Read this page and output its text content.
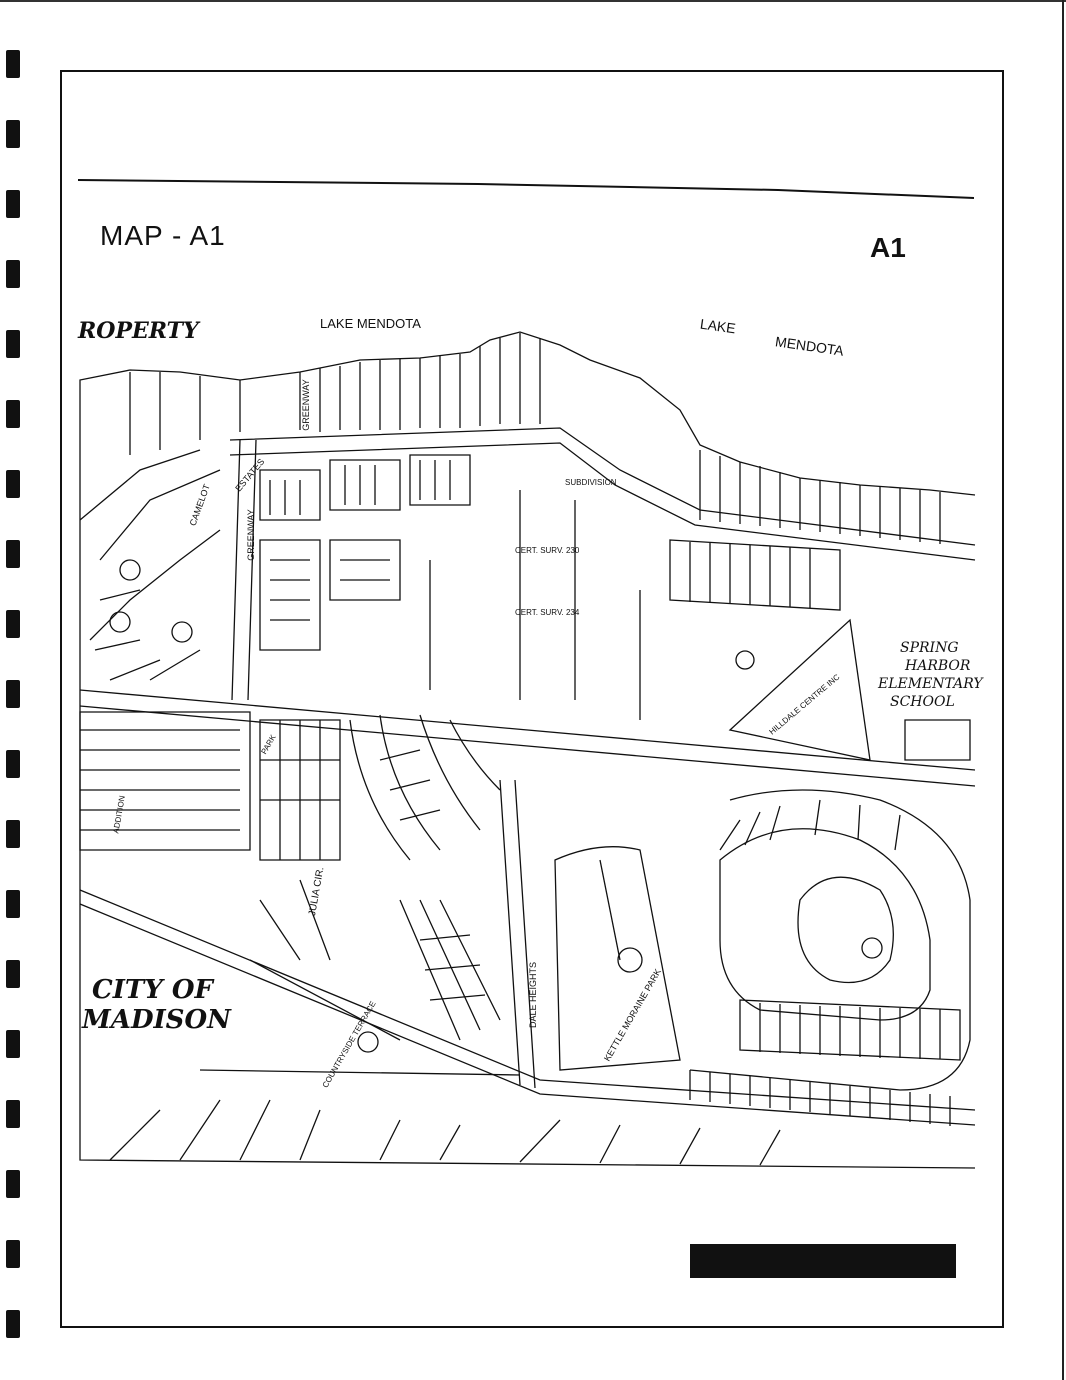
MAP - A1	A1
LAKE MENDOTA	LAKE
MENDOTA
ROPERTY
SPRING
HARBOR
ELEMENTARY
SCHOOL
CITY OF
MADISON
GREENWAY
GREENWAY
CAMELOT
ESTATES
JULIA CIR.
DALE HEIGHTS	KETTLE MORAINE PARK
CERT. SURV. 230
CERT. SURV. 234
SUBDIVISION
COUNTRYSIDE TERRACE
HILLDALE CENTRE INC
ADDITION
PARK
